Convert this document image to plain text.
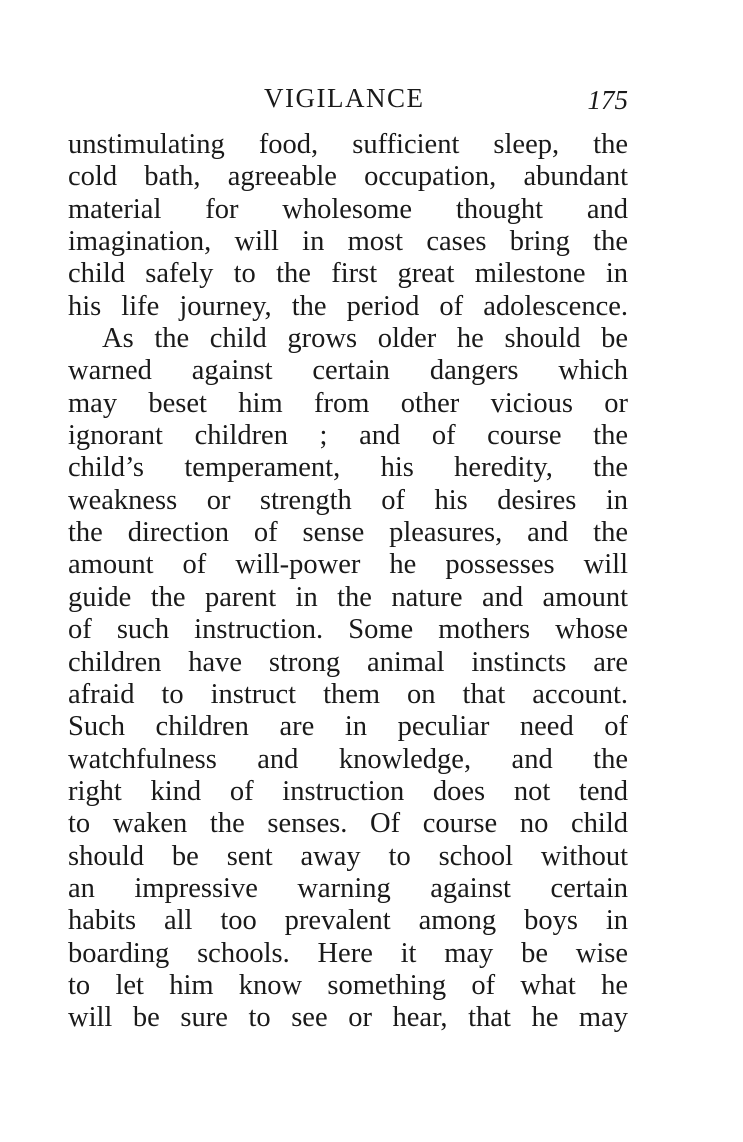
VIGILANCE	175
unstimulating food, sufficient sleep, the
cold bath, agreeable occupation, abundant
material for wholesome thought and
imagination, will in most cases bring the
child safely to the first great milestone in
his life journey, the period of adolescence.
As the child grows older he should be
warned against certain dangers which
may beset him from other vicious or
ignorant children ; and of course the
child’s temperament, his heredity, the
weakness or strength of his desires in
the direction of sense pleasures, and the
amount of will-power he possesses will
guide the parent in the nature and amount
of such instruction. Some mothers whose
children have strong animal instincts are
afraid to instruct them on that account.
Such children are in peculiar need of
watchfulness and knowledge, and the
right kind of instruction does not tend
to waken the senses. Of course no child
should be sent away to school without
an impressive warning against certain
habits all too prevalent among boys in
boarding schools. Here it may be wise
to let him know something of what he
will be sure to see or hear, that he may
